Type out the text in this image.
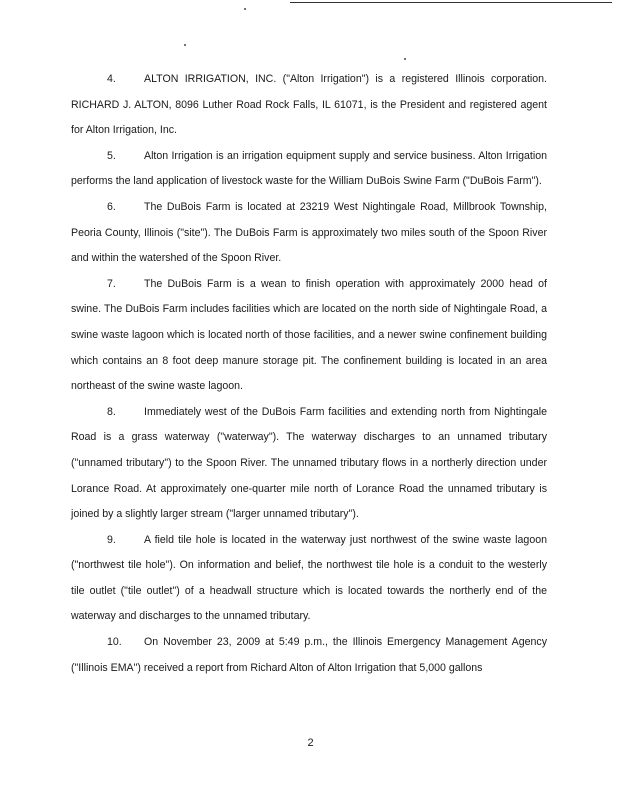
4.	ALTON IRRIGATION, INC. ("Alton Irrigation") is a registered Illinois corporation. RICHARD J. ALTON, 8096 Luther Road Rock Falls, IL 61071, is the President and registered agent for Alton Irrigation, Inc.

5.	Alton Irrigation is an irrigation equipment supply and service business. Alton Irrigation performs the land application of livestock waste for the William DuBois Swine Farm ("DuBois Farm").

6.	The DuBois Farm is located at 23219 West Nightingale Road, Millbrook Township, Peoria County, Illinois ("site"). The DuBois Farm is approximately two miles south of the Spoon River and within the watershed of the Spoon River.

7.	The DuBois Farm is a wean to finish operation with approximately 2000 head of swine. The DuBois Farm includes facilities which are located on the north side of Nightingale Road, a swine waste lagoon which is located north of those facilities, and a newer swine confinement building which contains an 8 foot deep manure storage pit. The confinement building is located in an area northeast of the swine waste lagoon.

8.	Immediately west of the DuBois Farm facilities and extending north from Nightingale Road is a grass waterway ("waterway"). The waterway discharges to an unnamed tributary ("unnamed tributary") to the Spoon River. The unnamed tributary flows in a northerly direction under Lorance Road. At approximately one-quarter mile north of Lorance Road the unnamed tributary is joined by a slightly larger stream ("larger unnamed tributary").

9.	A field tile hole is located in the waterway just northwest of the swine waste lagoon ("northwest tile hole"). On information and belief, the northwest tile hole is a conduit to the westerly tile outlet ("tile outlet") of a headwall structure which is located towards the northerly end of the waterway and discharges to the unnamed tributary.

10. On November 23, 2009 at 5:49 p.m., the Illinois Emergency Management Agency ("Illinois EMA") received a report from Richard Alton of Alton Irrigation that 5,000 gallons

2
